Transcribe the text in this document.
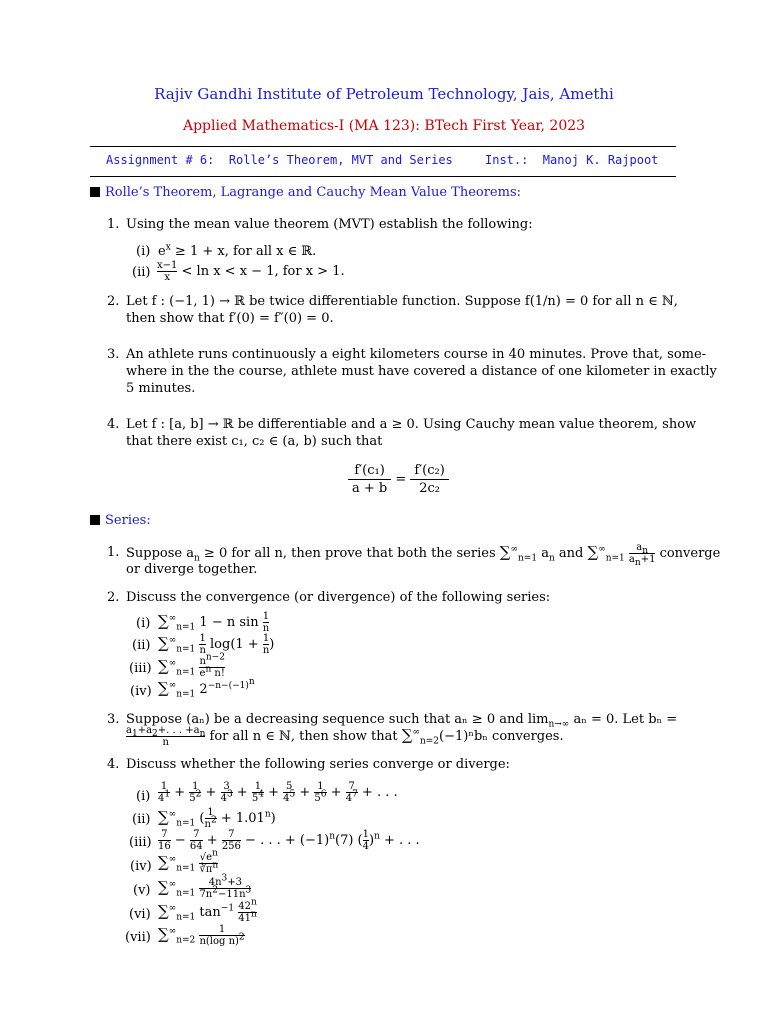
Rajiv Gandhi Institute of Petroleum Technology, Jais, Amethi
Applied Mathematics-I (MA 123): BTech First Year, 2023
Assignment # 6:  Rolle’s Theorem, MVT and Series	Inst.:  Manoj K. Rajpoot
Rolle’s Theorem, Lagrange and Cauchy Mean Value Theorems:
1. Using the mean value theorem (MVT) establish the following:
(i) $e^x \ge 1 + x$, for all x ∈ ℝ.
$(ii) \frac{x-1}{x} < \ln x < x - 1$, for x > 1.
2. Let f : (−1, 1) → ℝ be twice differentiable function. Suppose f(1/n) = 0 for all n ∈ ℕ,
then show that f′(0) = f″(0) = 0.
3. An athlete runs continuously a eight kilometers course in 40 minutes. Prove that, some-
where in the the course, athlete must have covered a distance of one kilometer in exactly
5 minutes.
4. Let f : [a, b] → ℝ be differentiable and a ≥ 0. Using Cauchy mean value theorem, show
that there exist c₁, c₂ ∈ (a, b) such that
$\frac{\text{f′(c₁)}}{a + b} = \frac{\text{f′(c₂)}}{\text{2c₂}}$
Series:
1. Suppose $a_n \ge 0$ for all n, then prove that both the series $\sum^\infty_{n=1}$ $a_n$ and $\sum^\infty_{n=1} \frac{a_n}{a_n+1}$ converge
or diverge together.
2. Discuss the convergence (or divergence) of the following series:
(i) $\sum^\infty_{n=1}$ 1 − n $\sin \frac{1}{n}$
(ii) $\sum^\infty_{n=1} \frac{1}{n} \log(1 + \frac{1}{n}$ )
(iii) $\sum^\infty_{n=1} \frac{n^{n-2}}{e^n n!}$
(iv) $\sum^\infty_{n=1}$ $2^{-n-(-1)^n}$
3. Suppose (aₙ) be a decreasing sequence such that aₙ ≥ 0 and $\lim_{n\to\infty} a_n = 0$. Let bₙ =
$\frac{a_1+a_2+. . . +a_n}{n}$ for all n ∈ ℕ, then show that $\sum^\infty_{n=2}(-1)^nb_n$ converges.
4. Discuss whether the following series converge or diverge:
$(i) \frac{1}{4^1} + \frac{1}{5^2} + \frac{3}{4^3} + \frac{1}{5^4} + \frac{5}{4^5} + \frac{1}{5^6} + \frac{7}{4^7}$ + . . .
(ii) $\sum^\infty_{n=1}$ ( $\frac{1}{n^2} + 1.01^n$)
$(iii) \frac{7}{16} - \frac{7}{64} + \frac{7}{256}$ − . . . + $(-1)^n(7)$ ( $\frac{1}{4} )^n$ + . . .
(iv) $\sum^\infty_{n=1} \frac{√e^n}{∛\pi^n}$
(v) $\sum^\infty_{n=1} \frac{4n^3+3}{7n^2-11n^3}$
(vi) $\sum^\infty_{n=1}$ $\tan^{-1} \frac{42^n}{41^n}$
(vii) $\sum^\infty_{n=2} \frac{1}{n(\log n)^2}$
